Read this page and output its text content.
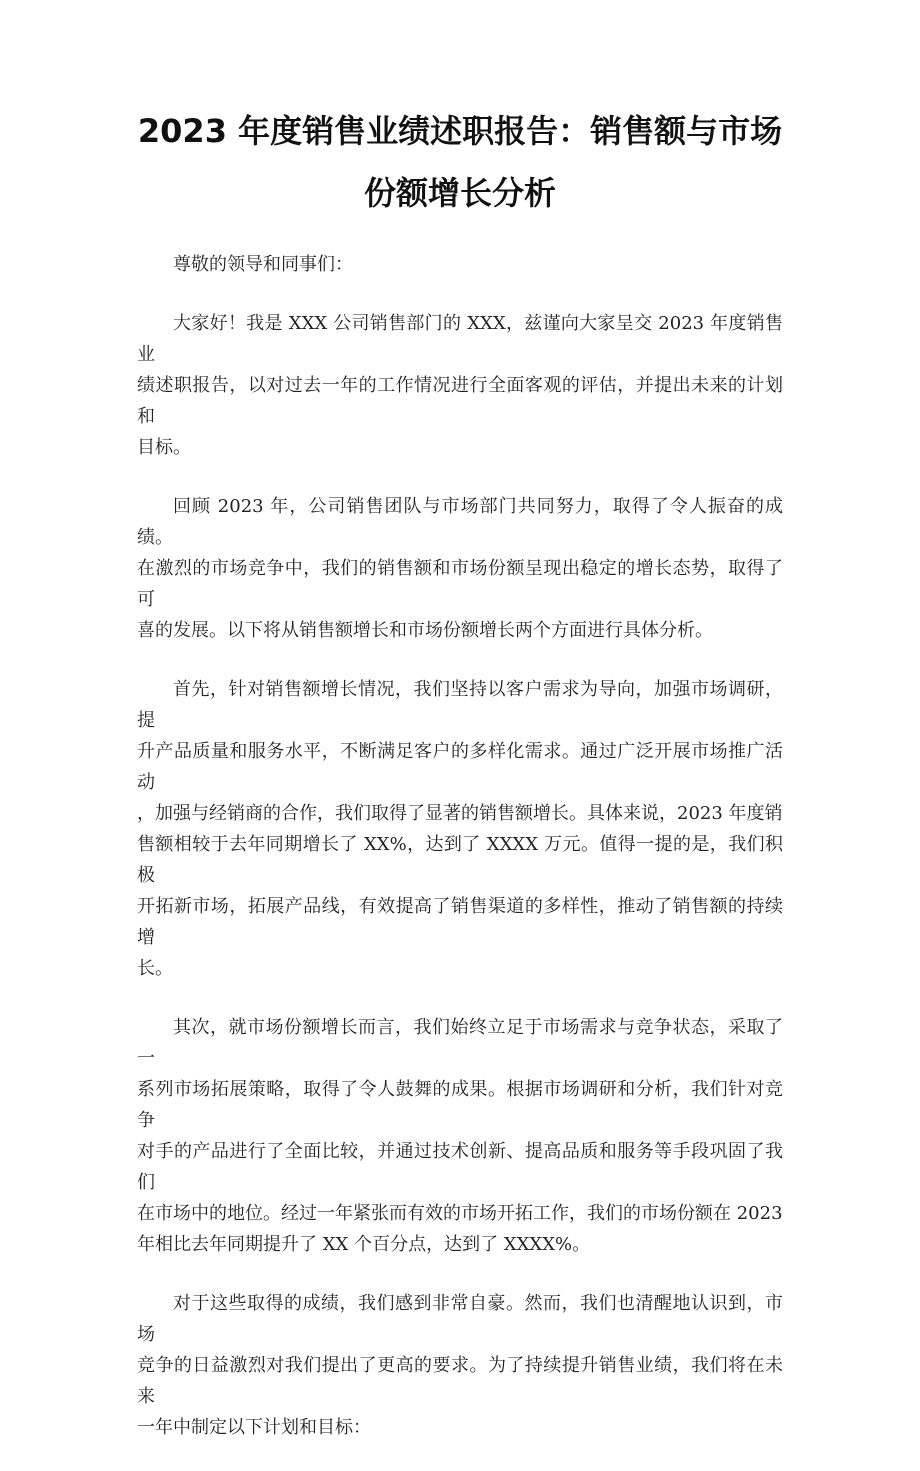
2023 年度销售业绩述职报告：销售额与市场
份额增长分析

尊敬的领导和同事们：

大家好！我是 XXX 公司销售部门的 XXX，兹谨向大家呈交 2023 年度销售业
绩述职报告，以对过去一年的工作情况进行全面客观的评估，并提出未来的计划和
目标。

回顾 2023 年，公司销售团队与市场部门共同努力，取得了令人振奋的成绩。
在激烈的市场竞争中，我们的销售额和市场份额呈现出稳定的增长态势，取得了可
喜的发展。以下将从销售额增长和市场份额增长两个方面进行具体分析。

首先，针对销售额增长情况，我们坚持以客户需求为导向，加强市场调研，提
升产品质量和服务水平，不断满足客户的多样化需求。通过广泛开展市场推广活动
，加强与经销商的合作，我们取得了显著的销售额增长。具体来说，2023 年度销
售额相较于去年同期增长了 XX%，达到了 XXXX 万元。值得一提的是，我们积极
开拓新市场，拓展产品线，有效提高了销售渠道的多样性，推动了销售额的持续增
长。

其次，就市场份额增长而言，我们始终立足于市场需求与竞争状态，采取了一
系列市场拓展策略，取得了令人鼓舞的成果。根据市场调研和分析，我们针对竞争
对手的产品进行了全面比较，并通过技术创新、提高品质和服务等手段巩固了我们
在市场中的地位。经过一年紧张而有效的市场开拓工作，我们的市场份额在 2023
年相比去年同期提升了 XX 个百分点，达到了 XXXX%。

对于这些取得的成绩，我们感到非常自豪。然而，我们也清醒地认识到，市场
竞争的日益激烈对我们提出了更高的要求。为了持续提升销售业绩，我们将在未来
一年中制定以下计划和目标：
